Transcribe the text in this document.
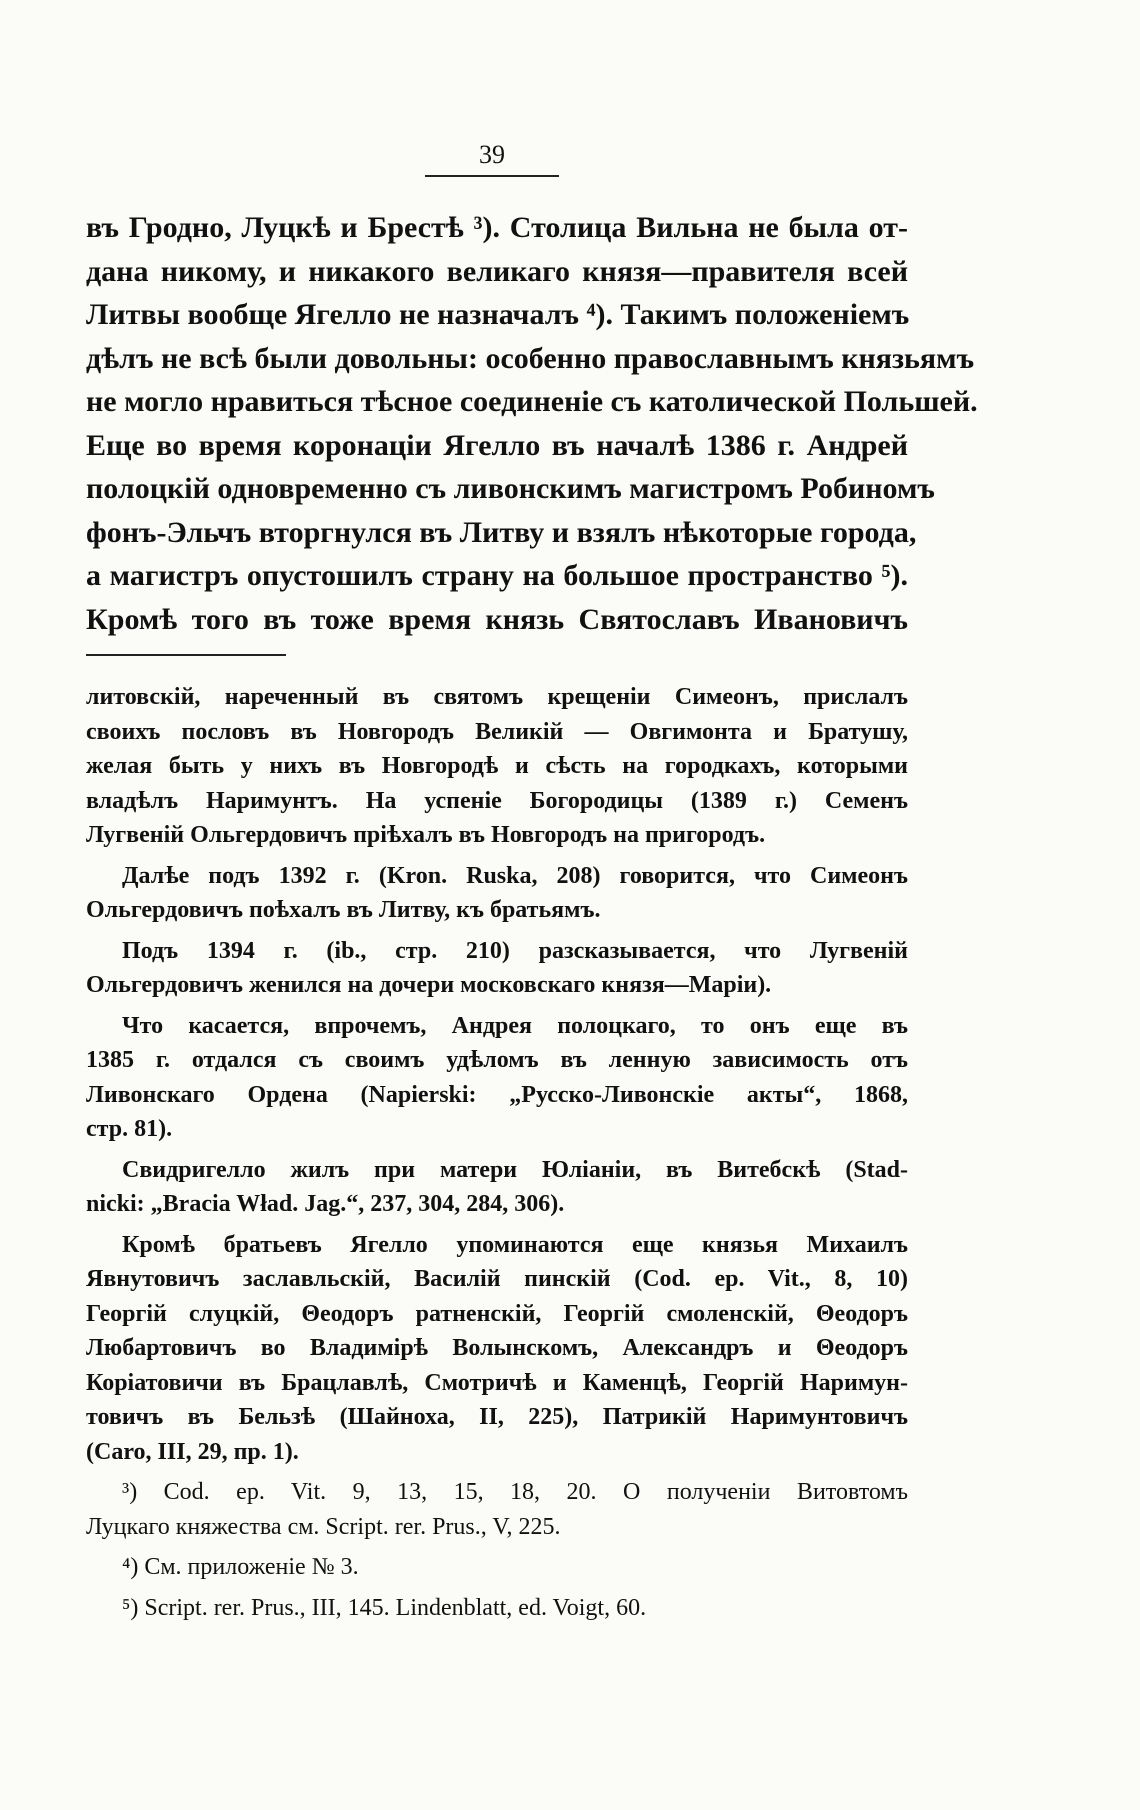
39
въ Гродно, Луцкѣ и Брестѣ ³). Столица Вильна не была от-
дана никому, и никакого великаго князя—правителя всей
Литвы вообще Ягелло не назначалъ ⁴). Такимъ положеніемъ
дѣлъ не всѣ были довольны: особенно православнымъ князьямъ
не могло нравиться тѣсное соединеніе съ католической Польшей.
Еще во время коронаціи Ягелло въ началѣ 1386 г. Андрей
полоцкій одновременно съ ливонскимъ магистромъ Робиномъ
фонъ-Эльчъ вторгнулся въ Литву и взялъ нѣкоторые города,
а магистръ опустошилъ страну на большое пространство ⁵).
Кромѣ того въ тоже время князь Святославъ Ивановичъ
литовскій, нареченный въ святомъ крещеніи Симеонъ, прислалъ
своихъ пословъ въ Новгородъ Великій — Овгимонта и Братушу,
желая быть у нихъ въ Новгородѣ и сѣсть на городкахъ, которыми
владѣлъ Наримунтъ. На успеніе Богородицы (1389 г.) Семенъ
Лугвеній Ольгердовичъ пріѣхалъ въ Новгородъ на пригородъ.
Далѣе подъ 1392 г. (Kron. Ruska, 208) говорится, что Симеонъ
Ольгердовичъ поѣхалъ въ Литву, къ братьямъ.
Подъ 1394 г. (ib., стр. 210) разсказывается, что Лугвеній
Ольгердовичъ женился на дочери московскаго князя—Маріи).
Что касается, впрочемъ, Андрея полоцкаго, то онъ еще въ
1385 г. отдался съ своимъ удѣломъ въ ленную зависимость отъ
Ливонскаго Ордена (Napierski: „Русско-Ливонскіе акты“, 1868,
стр. 81).
Свидригелло жилъ при матери Юліаніи, въ Витебскѣ (Stad-
nicki: „Bracia Wład. Jag.“, 237, 304, 284, 306).
Кромѣ братьевъ Ягелло упоминаются еще князья Михаилъ
Явнутовичъ заславльскій, Василій пинскій (Cod. ep. Vit., 8, 10)
Георгій слуцкій, Θеодоръ ратненскій, Георгій смоленскій, Θеодоръ
Любартовичъ во Владимірѣ Волынскомъ, Александръ и Θеодоръ
Коріатовичи въ Брацлавлѣ, Смотричѣ и Каменцѣ, Георгій Наримун-
товичъ въ Бельзѣ (Шайноха, II, 225), Патрикій Наримунтовичъ
(Caro, III, 29, пр. 1).
³) Cod. ep. Vit. 9, 13, 15, 18, 20. О полученіи Витовтомъ
Луцкаго княжества см. Script. rer. Prus., V, 225.
⁴) См. приложеніе № 3.
⁵) Script. rer. Prus., III, 145. Lindenblatt, ed. Voigt, 60.
